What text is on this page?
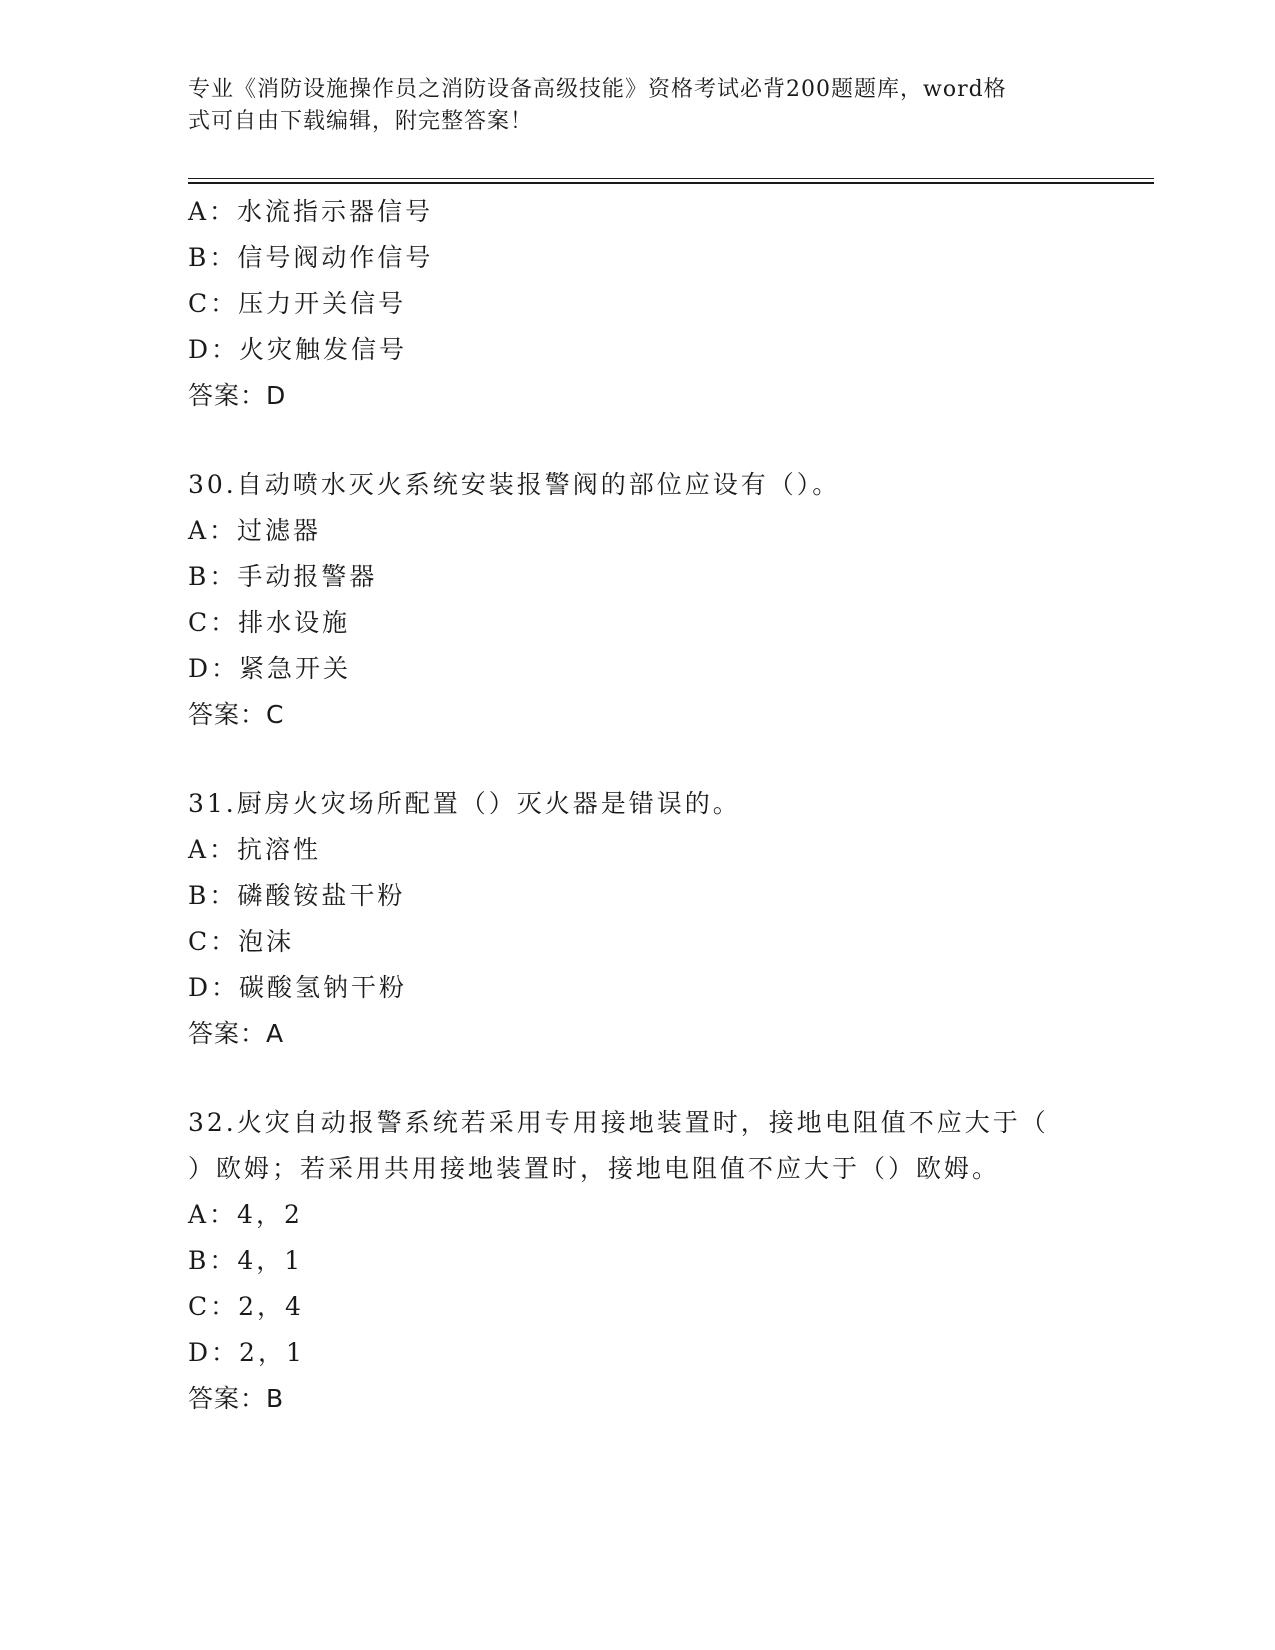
专业《消防设施操作员之消防设备高级技能》资格考试必背200题题库，word格
式可自由下载编辑，附完整答案！
A：水流指示器信号
B：信号阀动作信号
C：压力开关信号
D：火灾触发信号
答案：D
30.自动喷水灭火系统安装报警阀的部位应设有（）。
A：过滤器
B：手动报警器
C：排水设施
D：紧急开关
答案：C
31.厨房火灾场所配置（）灭火器是错误的。
A：抗溶性
B：磷酸铵盐干粉
C：泡沫
D：碳酸氢钠干粉
答案：A
32.火灾自动报警系统若采用专用接地装置时，接地电阻值不应大于（
）欧姆；若采用共用接地装置时，接地电阻值不应大于（）欧姆。
A：4，2
B：4，1
C：2，4
D：2，1
答案：B
